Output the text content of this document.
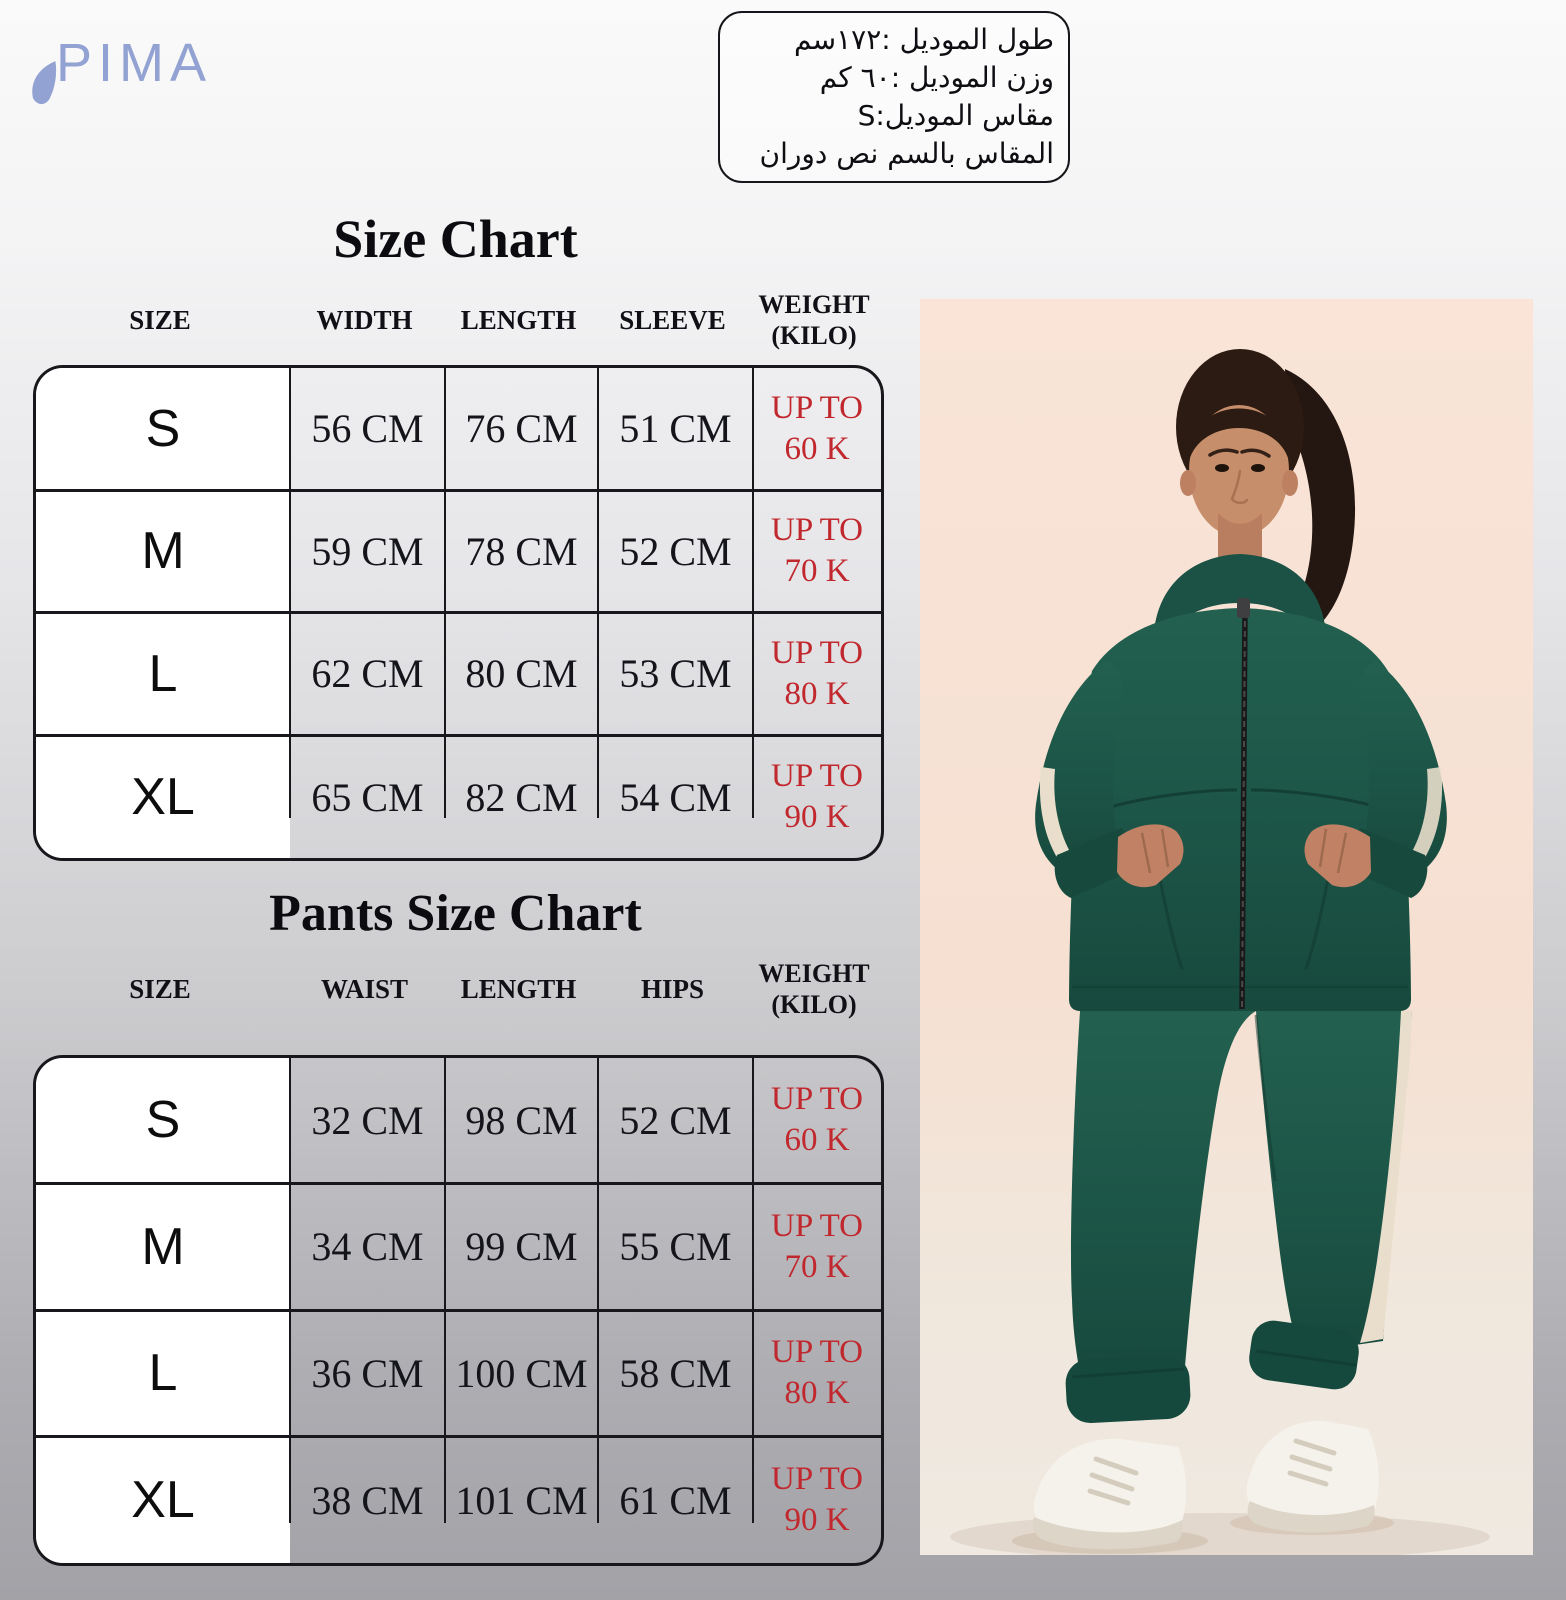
PIMA	طول الموديل :١٧٢سم
وزن الموديل :٦٠ كم
مقاس الموديل:S
المقاس بالسم نص دوران
Size Chart
SIZE	WIDTH	LENGTH	SLEEVE	WEIGHT
(KILO)
S	56 CM	76 CM	51 CM	UP TO
60 K
M	59 CM	78 CM	52 CM	UP TO
70 K
L	62 CM	80 CM	53 CM	UP TO
80 K
XL	65 CM	82 CM	54 CM	UP TO
90 K
Pants Size Chart
SIZE	WAIST	LENGTH	HIPS	WEIGHT
(KILO)
S	32 CM	98 CM	52 CM	UP TO
60 K
M	34 CM	99 CM	55 CM	UP TO
70 K
L	36 CM 100 CM 58 CM	UP TO
80 K
XL	38 CM 101 CM 61 CM	UP TO
90 K
